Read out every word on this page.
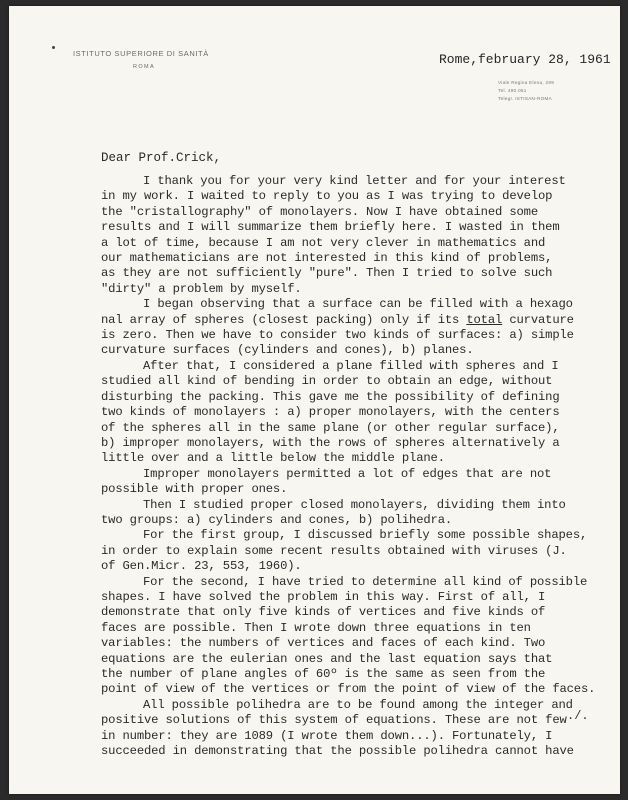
ISTITUTO SUPERIORE DI SANITÀ
ROMA	Rome,february 28, 1961
Viale Regina Elena, 299
Tel. 490.051
Telegr. ISTISAN-ROMA
Dear Prof.Crick,
I thank you for your very kind letter and for your interest
in my work. I waited to reply to you as I was trying to develop
the "cristallography" of monolayers. Now I have obtained some
results and I will summarize them briefly here. I wasted in them
a lot of time, because I am not very clever in mathematics and
our mathematicians are not interested in this kind of problems,
as they are not sufficiently "pure". Then I tried to solve such
"dirty" a problem by myself.
I began observing that a surface can be filled with a hexago
nal array of spheres (closest packing) only if its total curvature
is zero. Then we have to consider two kinds of surfaces: a) simple
curvature surfaces (cylinders and cones), b) planes.
After that, I considered a plane filled with spheres and I
studied all kind of bending in order to obtain an edge, without
disturbing the packing. This gave me the possibility of defining
two kinds of monolayers : a) proper monolayers, with the centers
of the spheres all in the same plane (or other regular surface),
b) improper monolayers, with the rows of spheres alternatively a
little over and a little below the middle plane.
Improper monolayers permitted a lot of edges that are not
possible with proper ones.
Then I studied proper closed monolayers, dividing them into
two groups: a) cylinders and cones, b) polihedra.
For the first group, I discussed briefly some possible shapes,
in order to explain some recent results obtained with viruses (J.
of Gen.Micr. 23, 553, 1960).
For the second, I have tried to determine all kind of possible
shapes. I have solved the problem in this way. First of all, I
demonstrate that only five kinds of vertices and five kinds of
faces are possible. Then I wrote down three equations in ten
variables: the numbers of vertices and faces of each kind. Two
equations are the eulerian ones and the last equation says that
the number of plane angles of 60º is the same as seen from the
point of view of the vertices or from the point of view of the faces.
All possible polihedra are to be found among the integer and
positive solutions of this system of equations. These are not few
in number: they are 1089 (I wrote them down...). Fortunately, I
succeeded in demonstrating that the possible polihedra cannot have
./.
